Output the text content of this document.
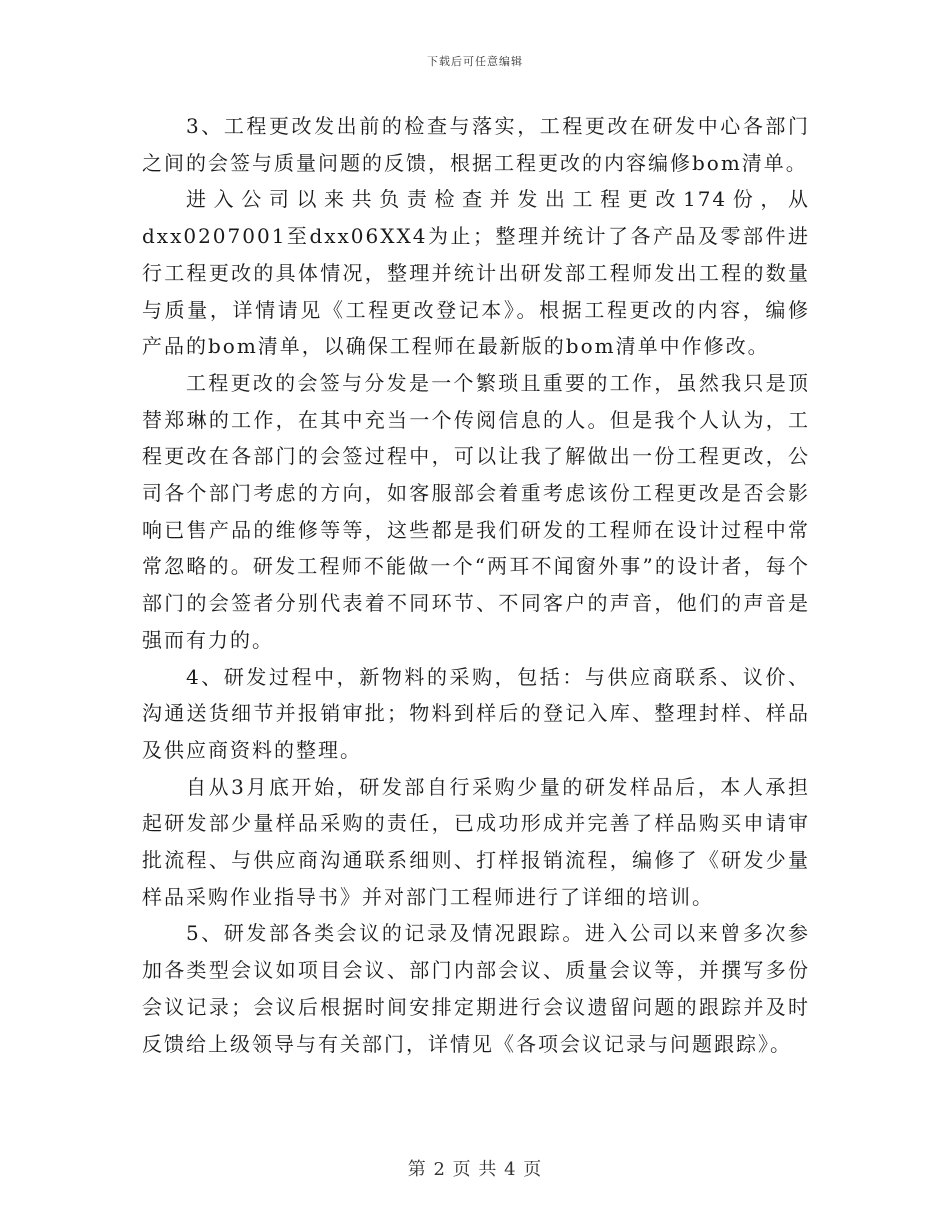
下载后可任意编辑

3、工程更改发出前的检查与落实，工程更改在研发中心各部门之间的会签与质量问题的反馈，根据工程更改的内容编修bom清单。

进入公司以来共负责检查并发出工程更改174份，从dxx0207001至dxx06XX4为止；整理并统计了各产品及零部件进行工程更改的具体情况，整理并统计出研发部工程师发出工程的数量与质量，详情请见《工程更改登记本》。根据工程更改的内容，编修产品的bom清单，以确保工程师在最新版的bom清单中作修改。

工程更改的会签与分发是一个繁琐且重要的工作，虽然我只是顶替郑琳的工作，在其中充当一个传阅信息的人。但是我个人认为，工程更改在各部门的会签过程中，可以让我了解做出一份工程更改，公司各个部门考虑的方向，如客服部会着重考虑该份工程更改是否会影响已售产品的维修等等，这些都是我们研发的工程师在设计过程中常常忽略的。研发工程师不能做一个“两耳不闻窗外事”的设计者，每个部门的会签者分别代表着不同环节、不同客户的声音，他们的声音是强而有力的。

4、研发过程中，新物料的采购，包括：与供应商联系、议价、沟通送货细节并报销审批；物料到样后的登记入库、整理封样、样品及供应商资料的整理。

自从3月底开始，研发部自行采购少量的研发样品后，本人承担起研发部少量样品采购的责任，已成功形成并完善了样品购买申请审批流程、与供应商沟通联系细则、打样报销流程，编修了《研发少量样品采购作业指导书》并对部门工程师进行了详细的培训。

5、研发部各类会议的记录及情况跟踪。进入公司以来曾多次参加各类型会议如项目会议、部门内部会议、质量会议等，并撰写多份会议记录；会议后根据时间安排定期进行会议遗留问题的跟踪并及时反馈给上级领导与有关部门，详情见《各项会议记录与问题跟踪》。

第 2 页 共 4 页
